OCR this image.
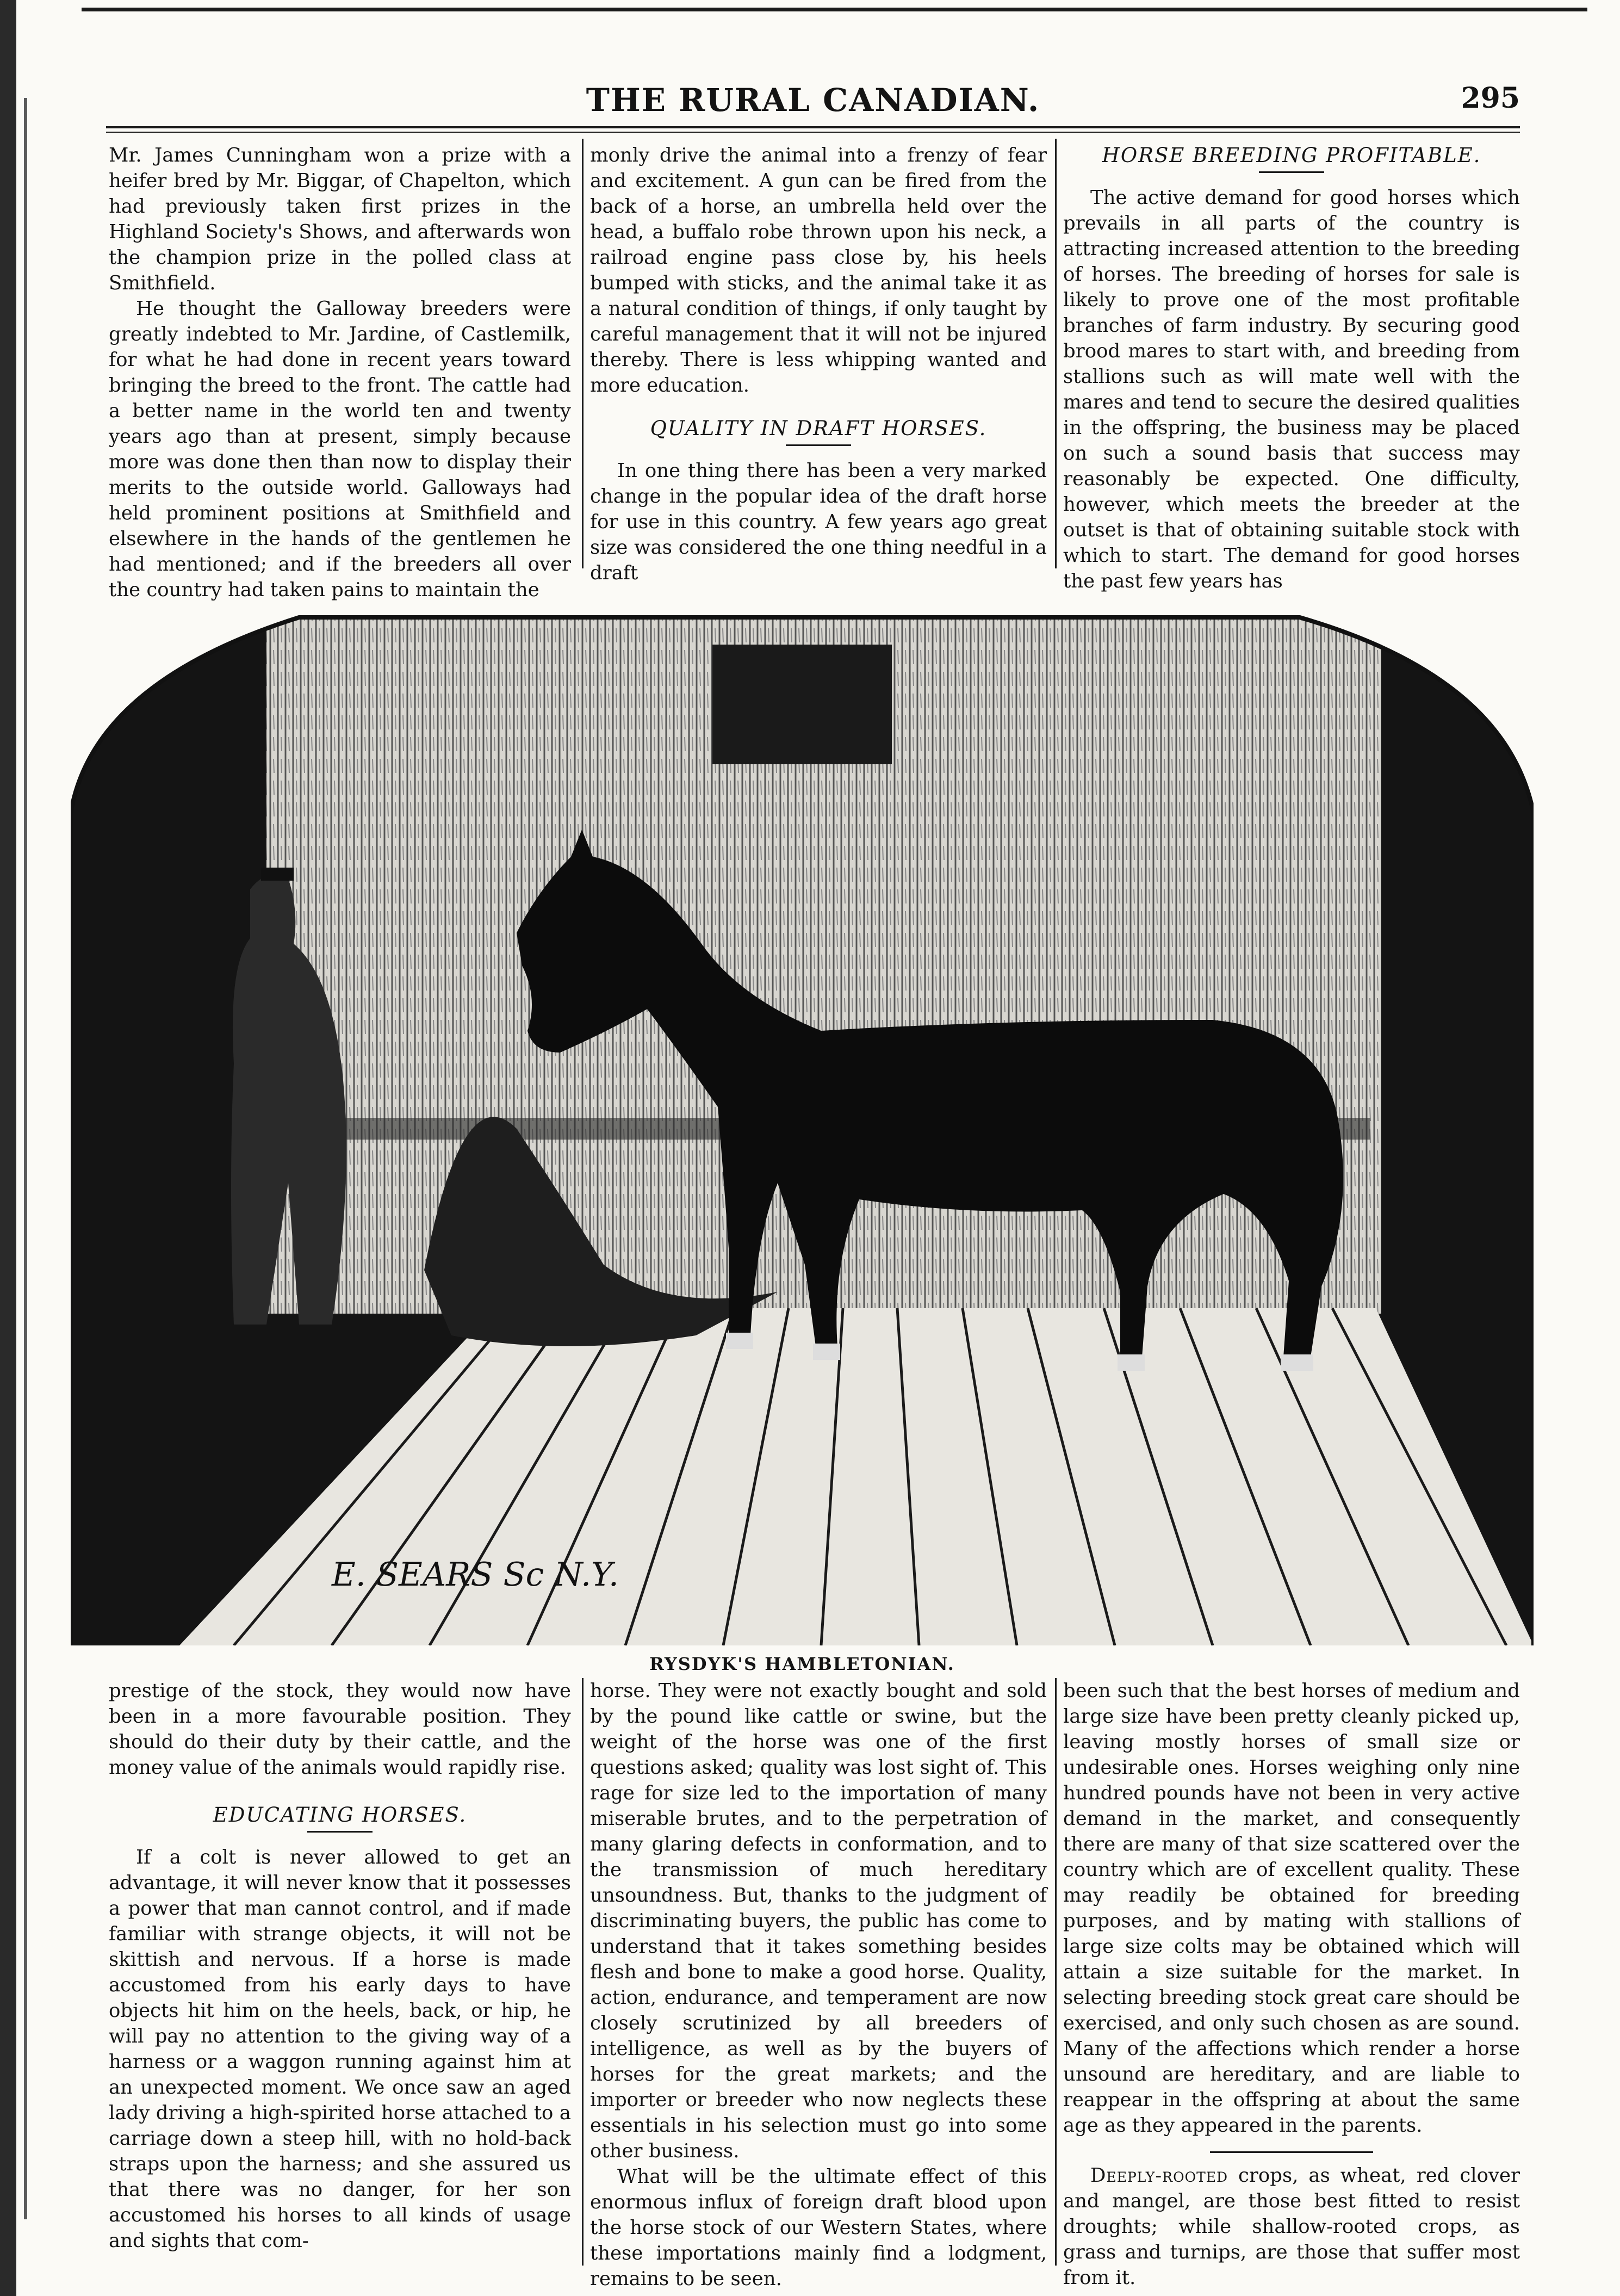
THE RURAL CANADIAN.	295

Mr. James Cunningham won a prize with a heifer bred by Mr. Biggar, of Chapelton, which had previously taken first prizes in the Highland Society's Shows, and afterwards won the champion prize in the polled class at Smithfield.

He thought the Galloway breeders were greatly indebted to Mr. Jardine, of Castlemilk, for what he had done in recent years toward bringing the breed to the front. The cattle had a better name in the world ten and twenty years ago than at present, simply because more was done then than now to display their merits to the outside world. Galloways had held prominent positions at Smithfield and elsewhere in the hands of the gentlemen he had mentioned; and if the breeders all over the country had taken pains to maintain the

monly drive the animal into a frenzy of fear and excitement. A gun can be fired from the back of a horse, an umbrella held over the head, a buffalo robe thrown upon his neck, a railroad engine pass close by, his heels bumped with sticks, and the animal take it as a natural condition of things, if only taught by careful management that it will not be injured thereby. There is less whipping wanted and more education.

QUALITY IN DRAFT HORSES.

In one thing there has been a very marked change in the popular idea of the draft horse for use in this country. A few years ago great size was considered the one thing needful in a draft

HORSE BREEDING PROFITABLE.

The active demand for good horses which prevails in all parts of the country is attracting increased attention to the breeding of horses. The breeding of horses for sale is likely to prove one of the most profitable branches of farm industry. By securing good brood mares to start with, and breeding from stallions such as will mate well with the mares and tend to secure the desired qualities in the offspring, the business may be placed on such a sound basis that success may reasonably be expected. One difficulty, however, which meets the breeder at the outset is that of obtaining suitable stock with which to start. The demand for good horses the past few years has

E. SEARS Sc N.Y.
RYSDYK'S HAMBLETONIAN.

prestige of the stock, they would now have been in a more favourable position. They should do their duty by their cattle, and the money value of the animals would rapidly rise.

EDUCATING HORSES.

If a colt is never allowed to get an advantage, it will never know that it possesses a power that man cannot control, and if made familiar with strange objects, it will not be skittish and nervous. If a horse is made accustomed from his early days to have objects hit him on the heels, back, or hip, he will pay no attention to the giving way of a harness or a waggon running against him at an unexpected moment. We once saw an aged lady driving a high-spirited horse attached to a carriage down a steep hill, with no hold-back straps upon the harness; and she assured us that there was no danger, for her son accustomed his horses to all kinds of usage and sights that com-

horse. They were not exactly bought and sold by the pound like cattle or swine, but the weight of the horse was one of the first questions asked; quality was lost sight of. This rage for size led to the importation of many miserable brutes, and to the perpetration of many glaring defects in conformation, and to the transmission of much hereditary unsoundness. But, thanks to the judgment of discriminating buyers, the public has come to understand that it takes something besides flesh and bone to make a good horse. Quality, action, endurance, and temperament are now closely scrutinized by all breeders of intelligence, as well as by the buyers of horses for the great markets; and the importer or breeder who now neglects these essentials in his selection must go into some other business.

What will be the ultimate effect of this enormous influx of foreign draft blood upon the horse stock of our Western States, where these importations mainly find a lodgment, remains to be seen.

been such that the best horses of medium and large size have been pretty cleanly picked up, leaving mostly horses of small size or undesirable ones. Horses weighing only nine hundred pounds have not been in very active demand in the market, and consequently there are many of that size scattered over the country which are of excellent quality. These may readily be obtained for breeding purposes, and by mating with stallions of large size colts may be obtained which will attain a size suitable for the market. In selecting breeding stock great care should be exercised, and only such chosen as are sound. Many of the affections which render a horse unsound are hereditary, and are liable to reappear in the offspring at about the same age as they appeared in the parents.

Deeply-rooted crops, as wheat, red clover and mangel, are those best fitted to resist droughts; while shallow-rooted crops, as grass and turnips, are those that suffer most from it.
